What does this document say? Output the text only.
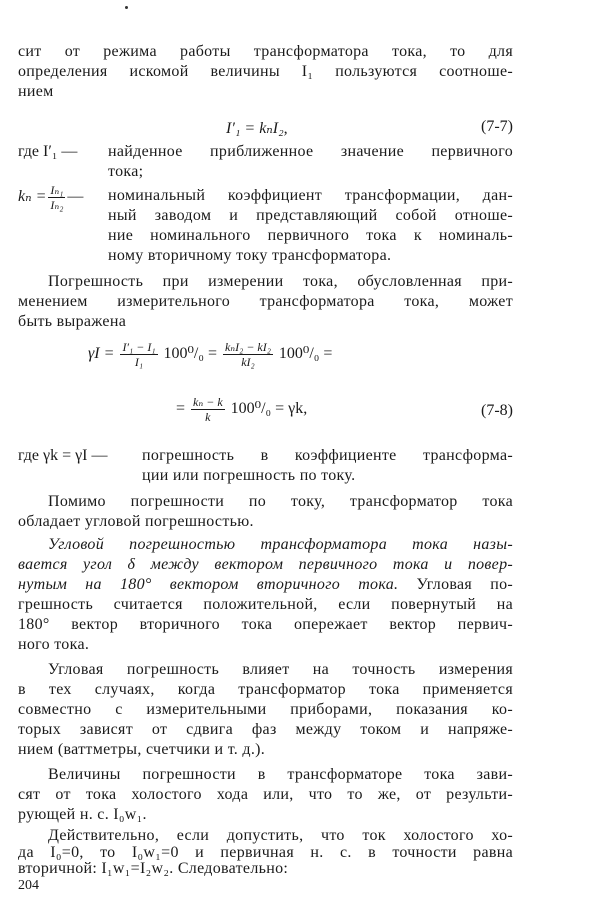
сит от режима работы трансформатора тока, то для
определения искомой величины I₁ пользуются соотноше-
нием
I′₁ = kₙI₂,	(7-7)
где I′₁ — найденное приближенное значение первичного
тока;
$k_n = \frac{\text{Iₙ₁}}{\text{Iₙ₂}}$ — номинальный коэффициент трансформации, дан-
ный заводом и представляющий собой отноше-
ние номинального первичного тока к номиналь-
ному вторичному току трансформатора.
Погрешность при измерении тока, обусловленная при-
менением измерительного трансформатора тока, может
быть выражена
$\gamma I = \frac{\text{I′₁ − I₁}}{\text{I₁}} 100^0/_0 = \frac{\text{kₙI₂ − kI₂}}{\text{kI₂}} 100^0/_0$ =
= $\frac{\text{kₙ − k}}{k} 100^0/_0 = \gamma k$,	(7-8)
где γk = γI — погрешность в коэффициенте трансформа-
ции или погрешность по току.
Помимо погрешности по току, трансформатор тока
обладает угловой погрешностью.
Угловой погрешностью трансформатора тока назы-
вается угол δ между вектором первичного тока и повер-
нутым на 180° вектором вторичного тока. Угловая по-
грешность считается положительной, если повернутый на
180° вектор вторичного тока опережает вектор первич-
ного тока.
Угловая погрешность влияет на точность измерения
в тех случаях, когда трансформатор тока применяется
совместно с измерительными приборами, показания ко-
торых зависят от сдвига фаз между током и напряже-
нием (ваттметры, счетчики и т. д.).
Величины погрешности в трансформаторе тока зави-
сят от тока холостого хода или, что то же, от результи-
рующей н. с. I₀w₁.
Действительно, если допустить, что ток холостого хо-
да I₀=0, то I₀w₁=0 и первичная н. с. в точности равна
вторичной: I₁w₁=I₂w₂. Следовательно:
204
